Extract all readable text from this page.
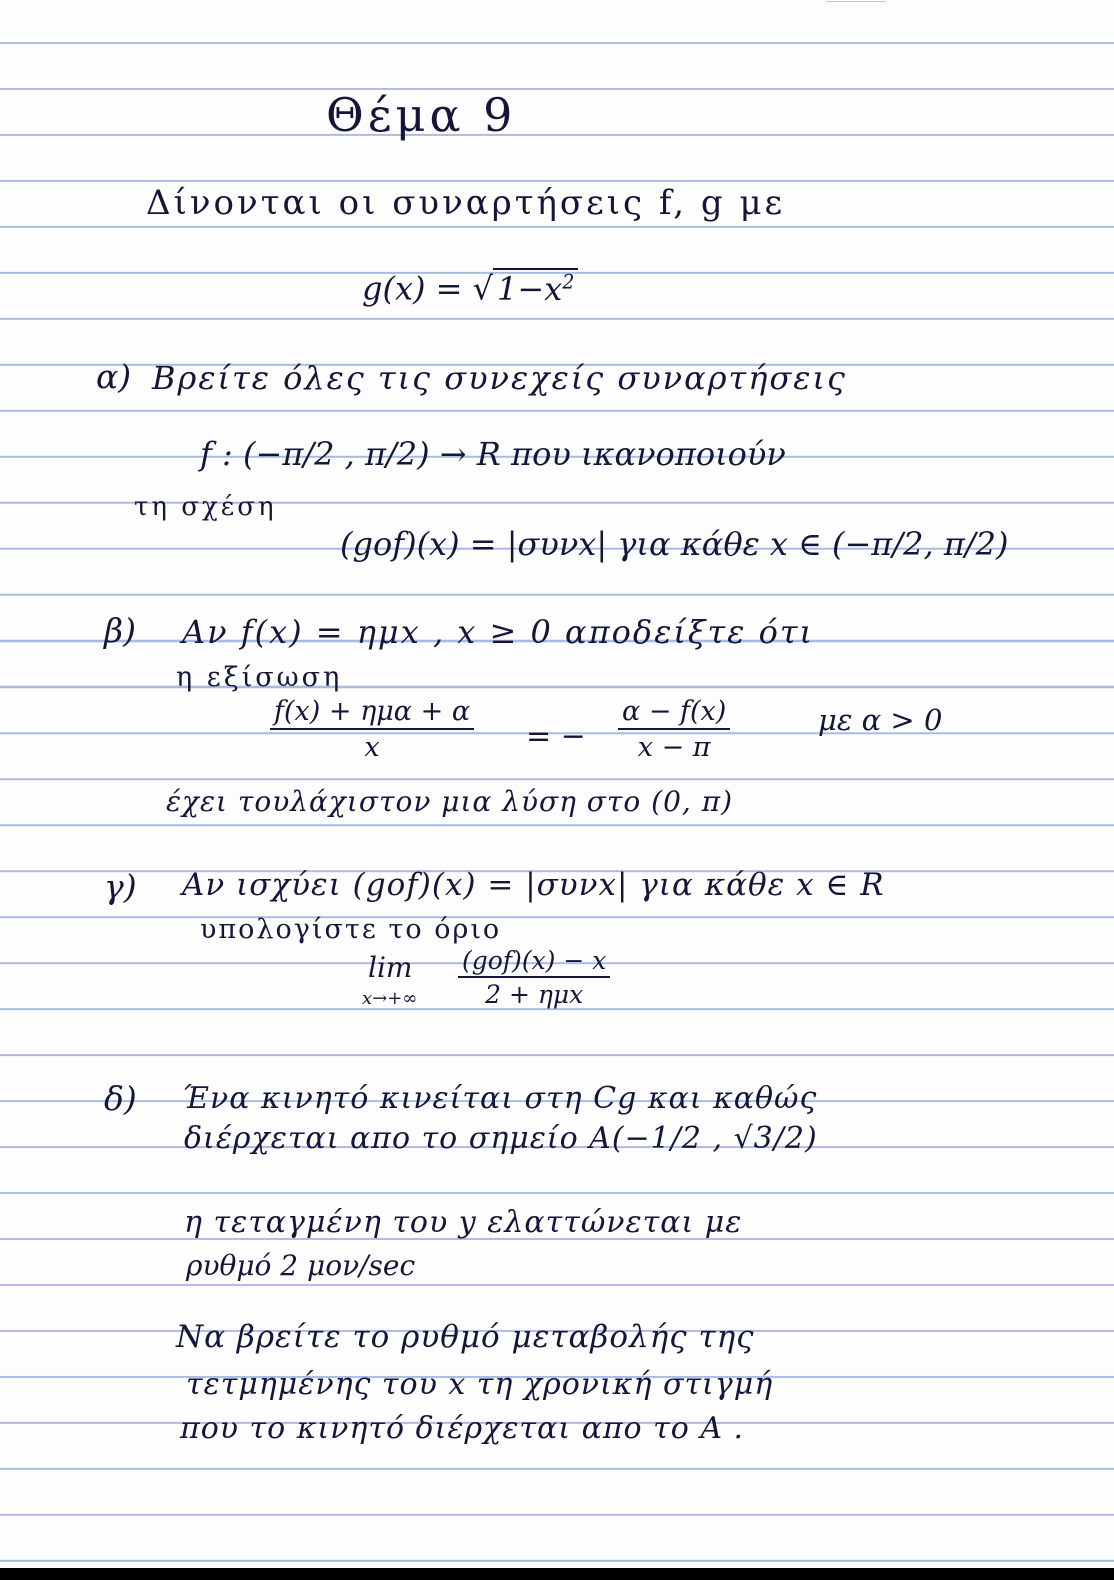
Θέμα 9
Δίνονται οι συναρτήσεις f, g με
g(x) = √ $1-x^2$
α) Βρείτε όλες τις συνεχείς συναρτήσεις
f : (−π/2 , π/2) → R που ικανοποιούν
τη σχέση
(gof)(x) = |συνx| για κάθε x ∈ (−π/2, π/2)
β) Αν f(x) = ημx , x ≥ 0 αποδείξτε ότι
η εξίσωση
f(x) + ημα + α
x	= − $\frac{\alpha - f(x)}{x - \pi}$	με α > 0
έχει τουλάχιστον μια λύση στο (0, π)
γ) Αν ισχύει (gof)(x) = |συνx| για κάθε x ∈ R
υπολογίστε το όριο
lim
x→+∞
(gof)(x) − x
2 + ημx
δ) Ένα κινητό κινείται στη Cg και καθώς
διέρχεται απο το σημείο A(−1/2 , √3/2)
η τεταγμένη του y ελαττώνεται με
ρυθμό 2 μον/sec
Να βρείτε το ρυθμό μεταβολής της
τετμημένης του x τη χρονική στιγμή
που το κινητό διέρχεται απο το A .
